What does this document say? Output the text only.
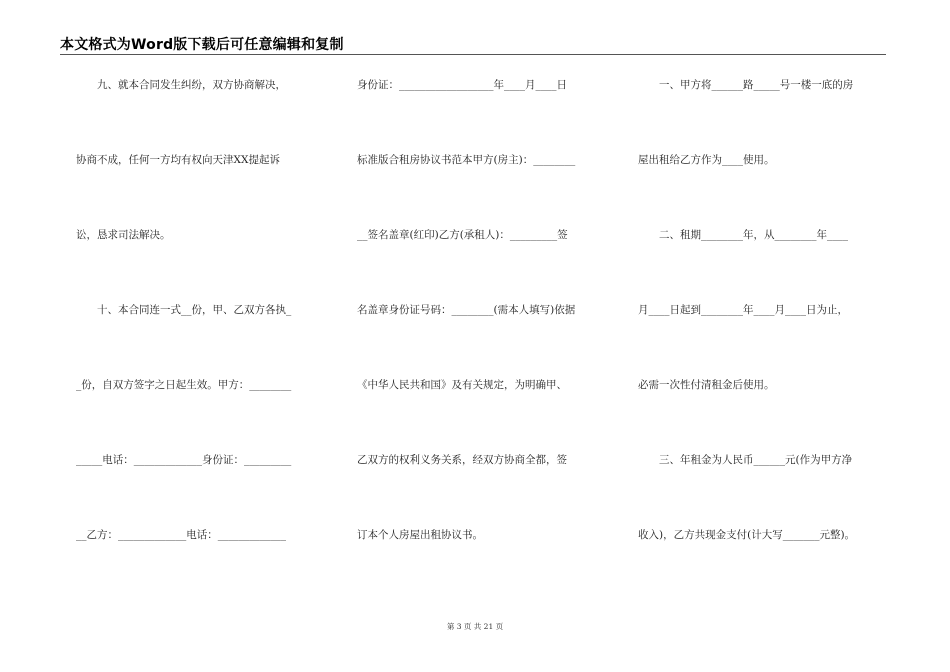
本文格式为Word版下载后可任意编辑和复制
　　九、就本合同发生纠纷，双方协商解决，
协商不成，任何一方均有权向天津XX提起诉
讼，恳求司法解决。
　　十、本合同连一式__份，甲、乙双方各执_
_份，自双方签字之日起生效。甲方：________
_____电话：_____________身份证：_________
__乙方：_____________电话：_____________
身份证：__________________年____月____日
标准版合租房协议书范本甲方(房主)：________
__签名盖章(红印)乙方(承租人)：_________签
名盖章身份证号码：________(需本人填写)依据
《中华人民共和国》及有关规定，为明确甲、
乙双方的权利义务关系，经双方协商全都，签
订本个人房屋出租协议书。
　　一、甲方将______路_____号一楼一底的房
屋出租给乙方作为____使用。
　　二、租期________年，从________年____
月____日起到________年____月____日为止，
必需一次性付清租金后使用。
　　三、年租金为人民币______元(作为甲方净
收入)，乙方共现金支付(计大写_______元整)。
第 3 页 共 21 页
